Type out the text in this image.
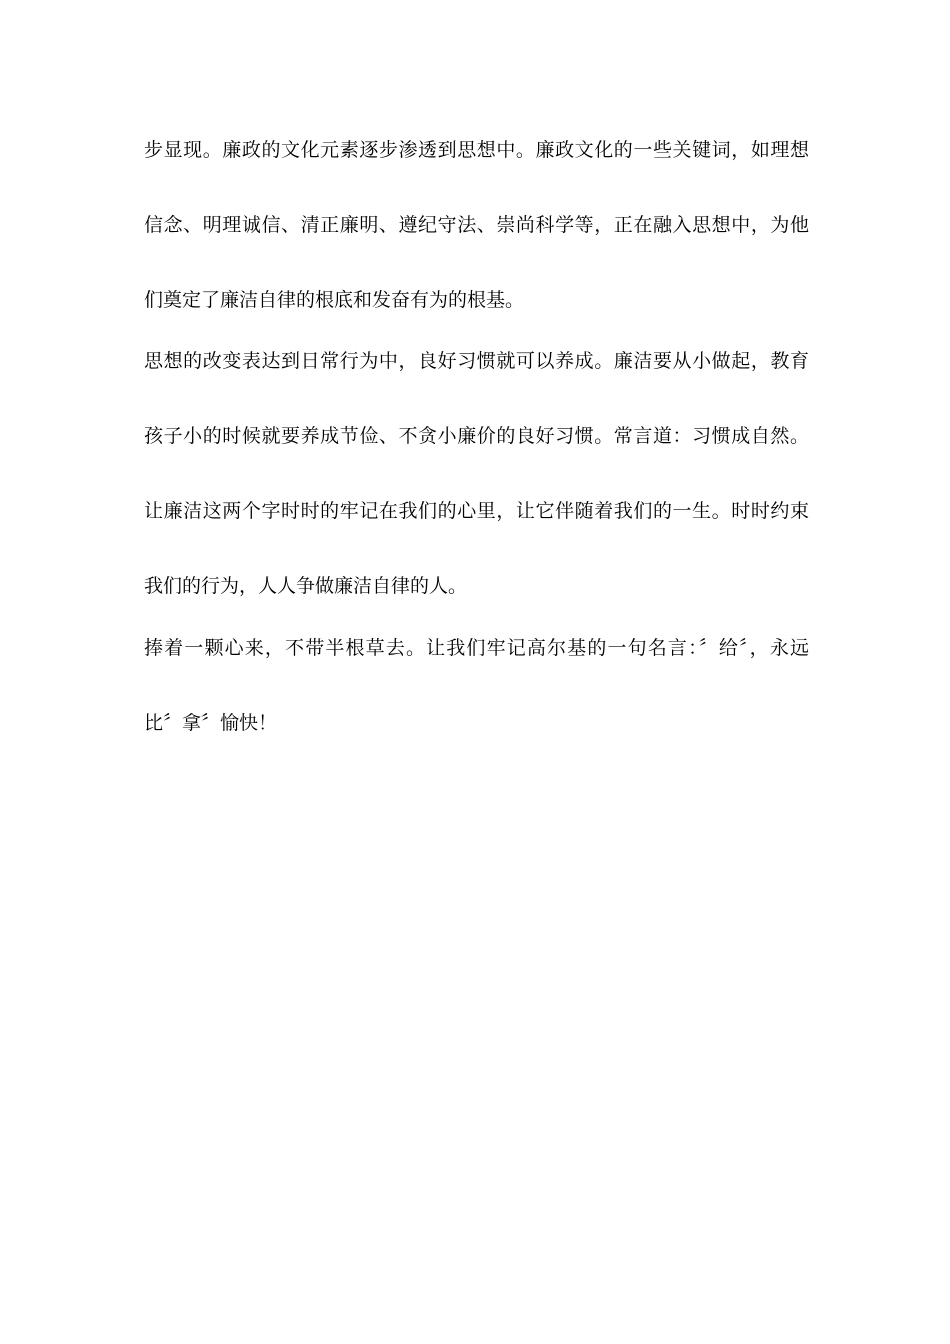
步显现。廉政的文化元素逐步渗透到思想中。廉政文化的一些关键词，如理想
信念、明理诚信、清正廉明、遵纪守法、崇尚科学等，正在融入思想中，为他
们奠定了廉洁自律的根底和发奋有为的根基。
思想的改变表达到日常行为中，良好习惯就可以养成。廉洁要从小做起，教育
孩子小的时候就要养成节俭、不贪小廉价的良好习惯。常言道：习惯成自然。
让廉洁这两个字时时的牢记在我们的心里，让它伴随着我们的一生。时时约束
我们的行为，人人争做廉洁自律的人。
捧着一颗心来，不带半根草去。让我们牢记高尔基的一句名言：〞给〞，永远
比〞拿〞愉快！
